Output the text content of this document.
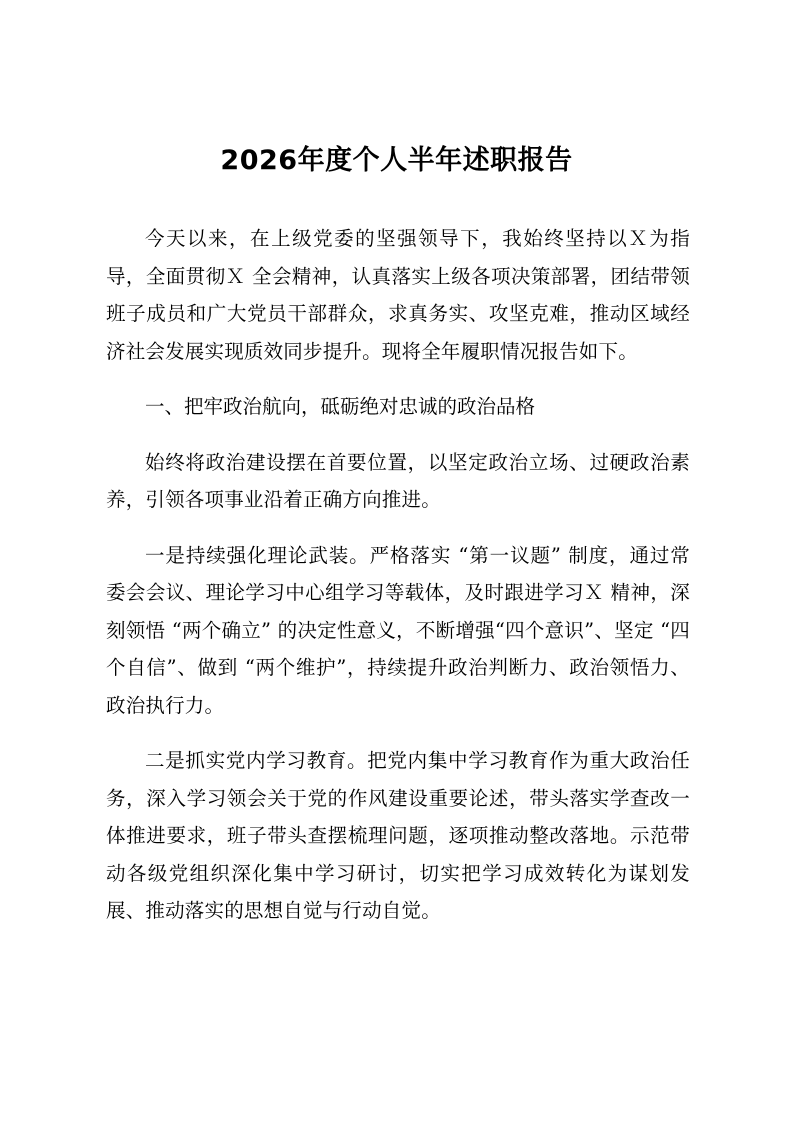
2026年度个人半年述职报告

今天以来，在上级党委的坚强领导下，我始终坚持以Ｘ为指导，全面贯彻Ｘ 全会精神，认真落实上级各项决策部署，团结带领班子成员和广大党员干部群众，求真务实、攻坚克难，推动区域经济社会发展实现质效同步提升。现将全年履职情况报告如下。

一、把牢政治航向，砥砺绝对忠诚的政治品格

始终将政治建设摆在首要位置，以坚定政治立场、过硬政治素养，引领各项事业沿着正确方向推进。

一是持续强化理论武装。严格落实 “第一议题” 制度，通过常委会会议、理论学习中心组学习等载体，及时跟进学习Ｘ 精神，深刻领悟 “两个确立” 的决定性意义，不断增强“四个意识”、坚定 “四个自信”、做到 “两个维护”，持续提升政治判断力、政治领悟力、政治执行力。

二是抓实党内学习教育。把党内集中学习教育作为重大政治任务，深入学习领会关于党的作风建设重要论述，带头落实学查改一体推进要求，班子带头查摆梳理问题，逐项推动整改落地。示范带动各级党组织深化集中学习研讨，切实把学习成效转化为谋划发展、推动落实的思想自觉与行动自觉。
